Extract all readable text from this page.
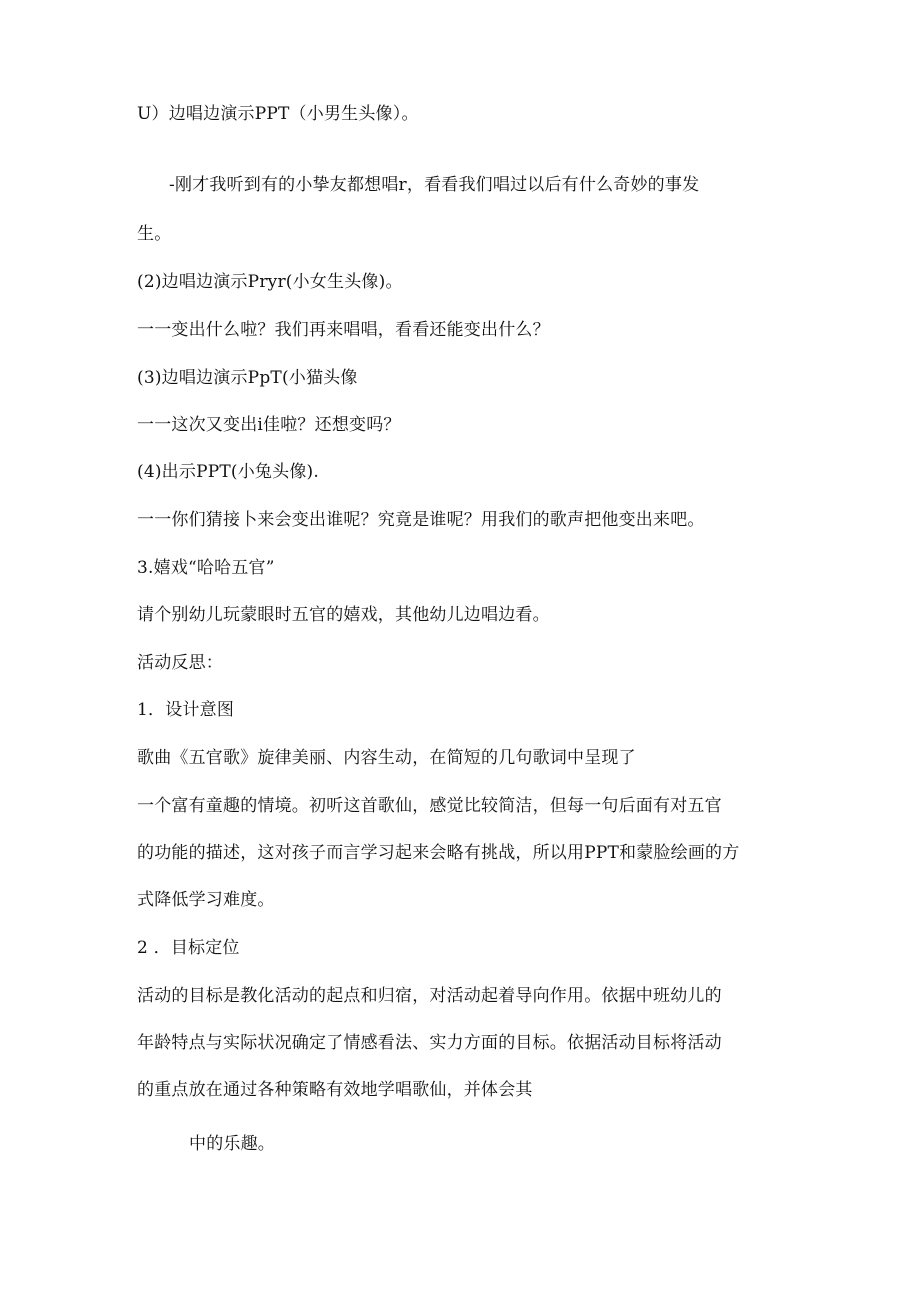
U）边唱边演示PPT（小男生头像）。
-刚才我听到有的小挚友都想唱r，看看我们唱过以后有什么奇妙的事发
生。
(2)边唱边演示Pryr(小女生头像)。
一一变出什么啦？我们再来唱唱，看看还能变出什么？
(3)边唱边演示PpT(小猫头像
一一这次又变出i佳啦？还想变吗？
(4)出示PPT(小兔头像).
一一你们猜接卜来会变出谁呢？究竟是谁呢？用我们的歌声把他变出来吧。
3.嬉戏“哈哈五官”
请个别幼儿玩蒙眼时五官的嬉戏，其他幼儿边唱边看。
活动反思：
1．设计意图
歌曲《五官歌》旋律美丽、内容生动，在简短的几句歌词中呈现了
一个富有童趣的情境。初听这首歌仙，感觉比较简洁，但每一句后面有对五官
的功能的描述，这对孩子而言学习起来会略有挑战，所以用PPT和蒙脸绘画的方
式降低学习难度。
2 ．目标定位
活动的目标是教化活动的起点和归宿，对活动起着导向作用。依据中班幼儿的
年龄特点与实际状况确定了情感看法、实力方面的目标。依据活动目标将活动
的重点放在通过各种策略有效地学唱歌仙，并体会其
中的乐趣。
